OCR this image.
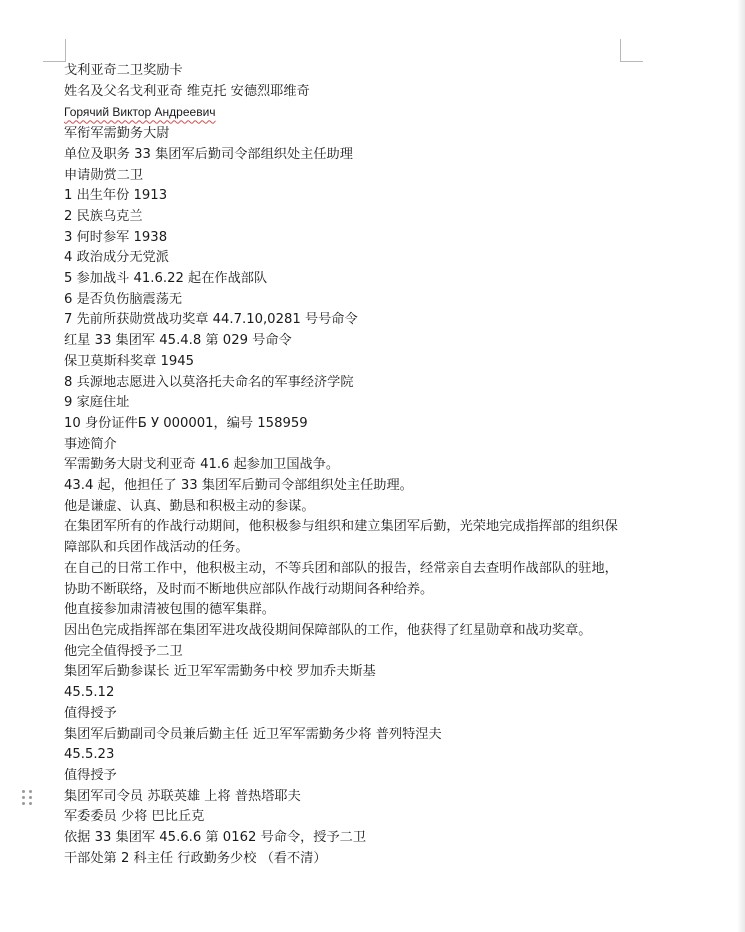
戈利亚奇二卫奖励卡

姓名及父名戈利亚奇 维克托 安德烈耶维奇

Горячий Виктор Андреевич

军衔军需勤务大尉

单位及职务 33 集团军后勤司令部组织处主任助理

申请勋赏二卫

1 出生年份 1913

2 民族乌克兰

3 何时参军 1938

4 政治成分无党派

5 参加战斗 41.6.22 起在作战部队

6 是否负伤脑震荡无

7 先前所获勋赏战功奖章 44.7.10,0281 号号命令

红星 33 集团军 45.4.8 第 029 号命令

保卫莫斯科奖章 1945

8 兵源地志愿进入以莫洛托夫命名的军事经济学院

9 家庭住址

10 身份证件Б У 000001，编号 158959

事迹简介

军需勤务大尉戈利亚奇 41.6 起参加卫国战争。

43.4 起，他担任了 33 集团军后勤司令部组织处主任助理。

他是谦虚、认真、勤恳和积极主动的参谋。

在集团军所有的作战行动期间，他积极参与组织和建立集团军后勤，光荣地完成指挥部的组织保障部队和兵团作战活动的任务。

在自己的日常工作中，他积极主动，不等兵团和部队的报告，经常亲自去查明作战部队的驻地，协助不断联络，及时而不断地供应部队作战行动期间各种给养。

他直接参加肃清被包围的德军集群。

因出色完成指挥部在集团军进攻战役期间保障部队的工作，他获得了红星勋章和战功奖章。

他完全值得授予二卫

集团军后勤参谋长 近卫军军需勤务中校 罗加乔夫斯基

45.5.12

值得授予

集团军后勤副司令员兼后勤主任 近卫军军需勤务少将 普列特涅夫

45.5.23

值得授予

集团军司令员 苏联英雄 上将 普热塔耶夫

军委委员 少将 巴比丘克

依据 33 集团军 45.6.6 第 0162 号命令，授予二卫

干部处第 2 科主任 行政勤务少校 （看不清）
